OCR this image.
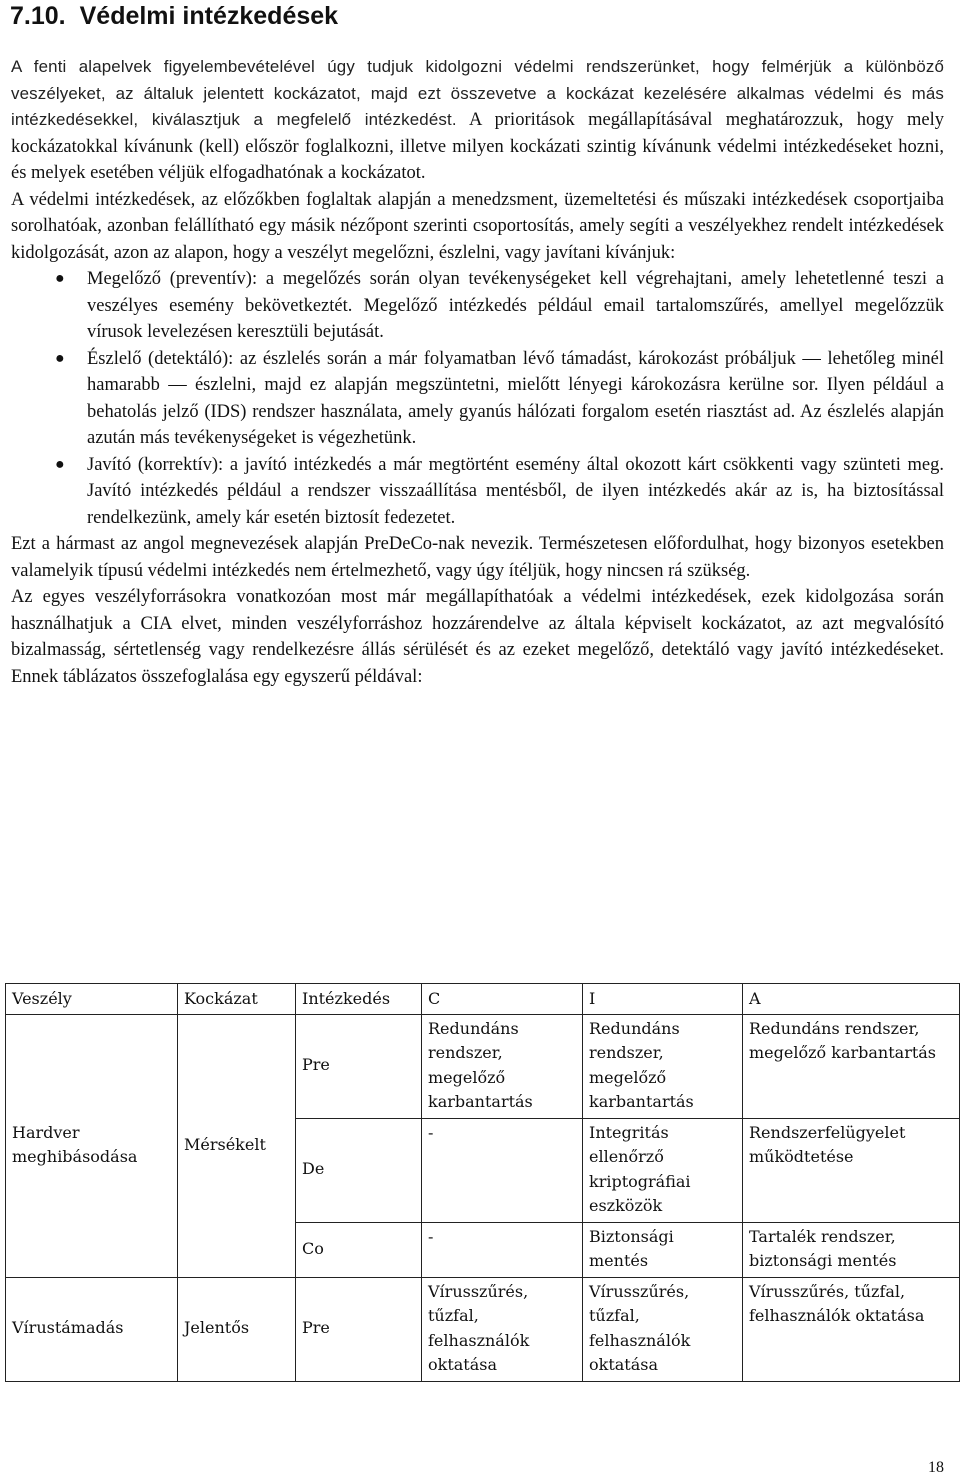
7.10. Védelmi intézkedések

A fenti alapelvek figyelembevételével úgy tudjuk kidolgozni védelmi rendszerünket, hogy felmérjük a különböző veszélyeket, az általuk jelentett kockázatot, majd ezt összevetve a kockázat kezelésére alkalmas védelmi és más intézkedésekkel, kiválasztjuk a megfelelő intézkedést. A prioritások megállapításával meghatározzuk, hogy mely kockázatokkal kívánunk (kell) először foglalkozni, illetve milyen kockázati szintig kívánunk védelmi intézkedéseket hozni, és melyek esetében véljük elfogadhatónak a kockázatot.

A védelmi intézkedések, az előzőkben foglaltak alapján a menedzsment, üzemeltetési és műszaki intézkedések csoportjaiba sorolhatóak, azonban felállítható egy másik nézőpont szerinti csoportosítás, amely segíti a veszélyekhez rendelt intézkedések kidolgozását, azon az alapon, hogy a veszélyt megelőzni, észlelni, vagy javítani kívánjuk:

● Megelőző (preventív): a megelőzés során olyan tevékenységeket kell végrehajtani, amely lehetetlenné teszi a veszélyes esemény bekövetkeztét. Megelőző intézkedés például email tartalomszűrés, amellyel megelőzzük vírusok levelezésen keresztüli bejutását.
● Észlelő (detektáló): az észlelés során a már folyamatban lévő támadást, károkozást próbáljuk — lehetőleg minél hamarabb — észlelni, majd ez alapján megszüntetni, mielőtt lényegi károkozásra kerülne sor. Ilyen például a behatolás jelző (IDS) rendszer használata, amely gyanús hálózati forgalom esetén riasztást ad. Az észlelés alapján azután más tevékenységeket is végezhetünk.
● Javító (korrektív): a javító intézkedés a már megtörtént esemény által okozott kárt csökkenti vagy szünteti meg. Javító intézkedés például a rendszer visszaállítása mentésből, de ilyen intézkedés akár az is, ha biztosítással rendelkezünk, amely kár esetén biztosít fedezetet.

Ezt a hármast az angol megnevezések alapján PreDeCo-nak nevezik. Természetesen előfordulhat, hogy bizonyos esetekben valamelyik típusú védelmi intézkedés nem értelmezhető, vagy úgy ítéljük, hogy nincsen rá szükség.

Az egyes veszélyforrásokra vonatkozóan most már megállapíthatóak a védelmi intézkedések, ezek kidolgozása során használhatjuk a CIA elvet, minden veszélyforráshoz hozzárendelve az általa képviselt kockázatot, az azt megvalósító bizalmasság, sértetlenség vagy rendelkezésre állás sérülését és az ezeket megelőző, detektáló vagy javító intézkedéseket. Ennek táblázatos összefoglalása egy egyszerű példával:

Veszély	Kockázat	Intézkedés	C	I	A
Hardver meghibásodása	Mérsékelt	Pre	Redundáns rendszer, megelőző karbantartás	Redundáns rendszer, megelőző karbantartás	Redundáns rendszer, megelőző karbantartás
		De	-	Integritás ellenőrző kriptográfiai eszközök	Rendszerfelügyelet működtetése
		Co	-	Biztonsági mentés	Tartalék rendszer, biztonsági mentés
Vírustámadás	Jelentős	Pre	Vírusszűrés, tűzfal, felhasználók oktatása	Vírusszűrés, tűzfal, felhasználók oktatása	Vírusszűrés, tűzfal, felhasználók oktatása
18
